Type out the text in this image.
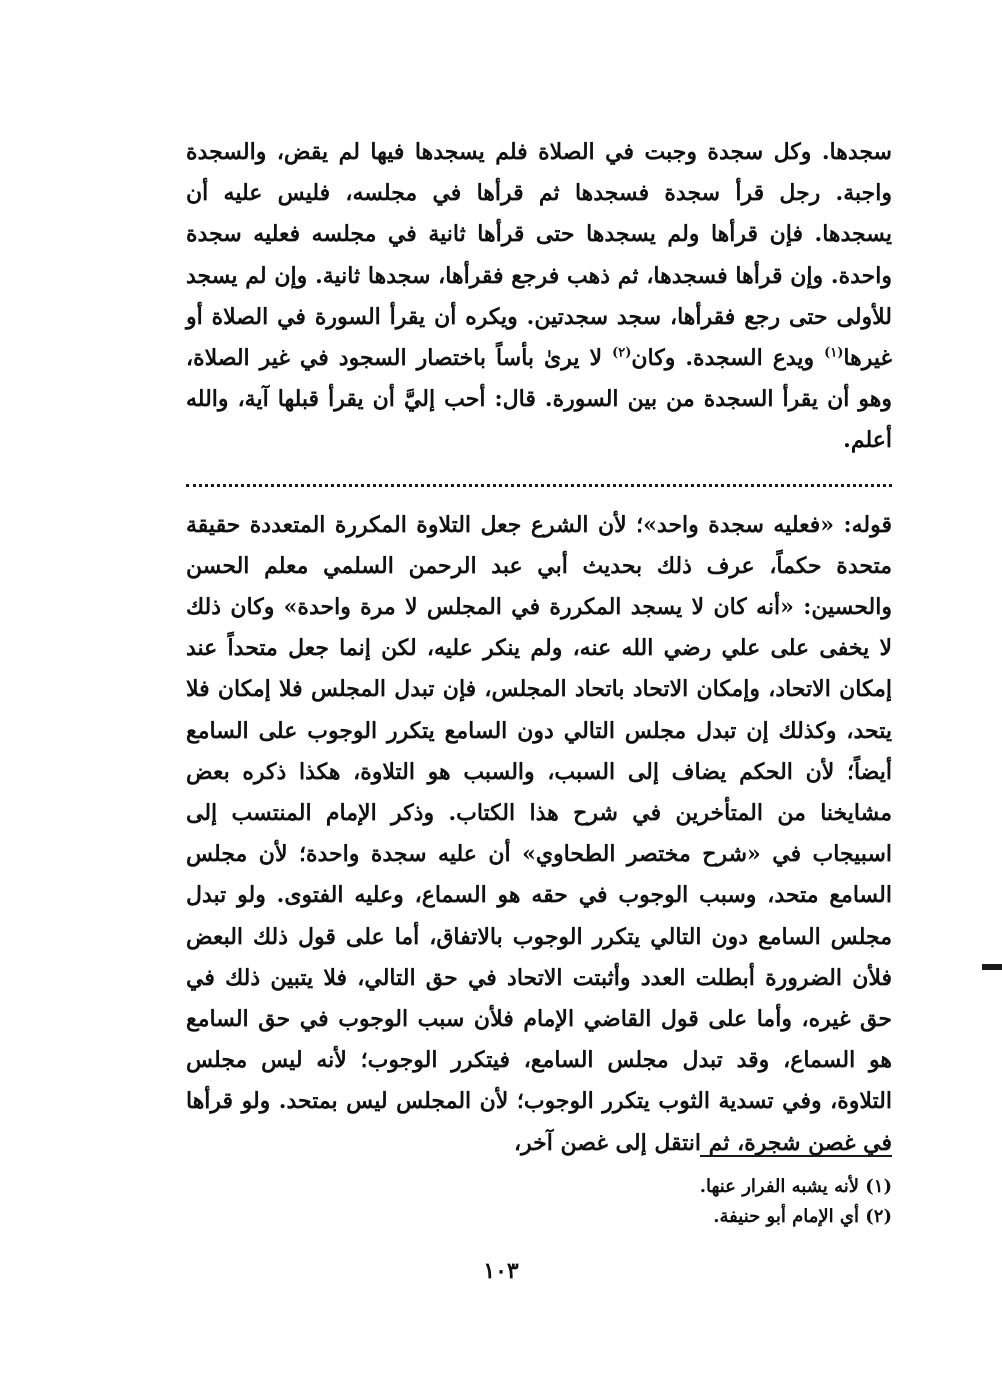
سجدها. وكل سجدة وجبت في الصلاة فلم يسجدها فيها لم يقض، والسجدة واجبة. رجل قرأ سجدة فسجدها ثم قرأها في مجلسه، فليس عليه أن يسجدها. فإن قرأها ولم يسجدها حتى قرأها ثانية في مجلسه فعليه سجدة واحدة. وإن قرأها فسجدها، ثم ذهب فرجع فقرأها، سجدها ثانية. وإن لم يسجد للأولى حتى رجع فقرأها، سجد سجدتين. ويكره أن يقرأ السورة في الصلاة أو غيرها$^{(١)}$ ويدع السجدة. وكان$^{(٢)}$ لا يرىٰ بأساً باختصار السجود في غير الصلاة، وهو أن يقرأ السجدة من بين السورة. قال: أحب إليَّ أن يقرأ قبلها آية، والله أعلم.

قوله: «فعليه سجدة واحد»؛ لأن الشرع جعل التلاوة المكررة المتعددة حقيقة متحدة حكماً، عرف ذلك بحديث أبي عبد الرحمن السلمي معلم الحسن والحسين: «أنه كان لا يسجد المكررة في المجلس لا مرة واحدة» وكان ذلك لا يخفى على علي رضي الله عنه، ولم ينكر عليه، لكن إنما جعل متحداً عند إمكان الاتحاد، وإمكان الاتحاد باتحاد المجلس، فإن تبدل المجلس فلا إمكان فلا يتحد، وكذلك إن تبدل مجلس التالي دون السامع يتكرر الوجوب على السامع أيضاً؛ لأن الحكم يضاف إلى السبب، والسبب هو التلاوة، هكذا ذكره بعض مشايخنا من المتأخرين في شرح هذا الكتاب. وذكر الإمام المنتسب إلى اسبيجاب في «شرح مختصر الطحاوي» أن عليه سجدة واحدة؛ لأن مجلس السامع متحد، وسبب الوجوب في حقه هو السماع، وعليه الفتوى. ولو تبدل مجلس السامع دون التالي يتكرر الوجوب بالاتفاق، أما على قول ذلك البعض فلأن الضرورة أبطلت العدد وأثبتت الاتحاد في حق التالي، فلا يتبين ذلك في حق غيره، وأما على قول القاضي الإمام فلأن سبب الوجوب في حق السامع هو السماع، وقد تبدل مجلس السامع، فيتكرر الوجوب؛ لأنه ليس مجلس التلاوة، وفي تسدية الثوب يتكرر الوجوب؛ لأن المجلس ليس بمتحد. ولو قرأها في غصن شجرة، ثم انتقل إلى غصن آخر،

(١) لأنه يشبه الفرار عنها.
(٢) أي الإمام أبو حنيفة.
١٠٣
